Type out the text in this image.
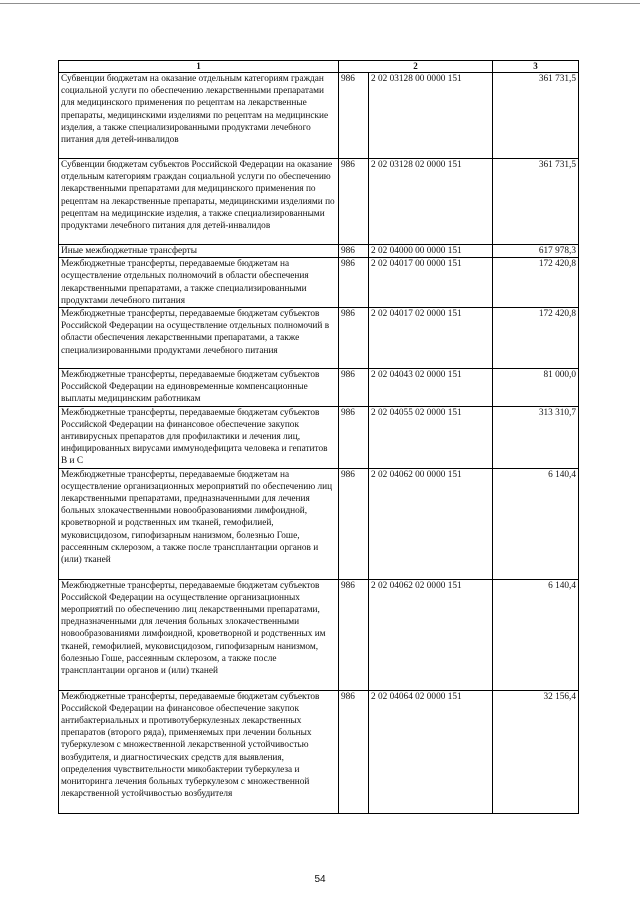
1	2		3
Субвенции бюджетам на оказание отдельным категориям граждан социальной услуги по обеспечению лекарственными препаратами для медицинского применения по рецептам на лекарственные препараты, медицинскими изделиями по рецептам на медицинские изделия, а также специализированными продуктами лечебного питания для детей-инвалидов	986	2 02 03128 00 0000 151	361 731,5
Субвенции бюджетам субъектов Российской Федерации на оказание отдельным категориям граждан социальной услуги по обеспечению лекарственными препаратами для медицинского применения по рецептам на лекарственные препараты, медицинскими изделиями по рецептам на медицинские изделия, а также специализированными продуктами лечебного питания для детей-инвалидов	986	2 02 03128 02 0000 151	361 731,5
Иные межбюджетные трансферты	986	2 02 04000 00 0000 151	617 978,3
Межбюджетные трансферты, передаваемые бюджетам на осуществление отдельных полномочий в области обеспечения лекарственными препаратами, а также специализированными продуктами лечебного питания	986	2 02 04017 00 0000 151	172 420,8
Межбюджетные трансферты, передаваемые бюджетам субъектов Российской Федерации на осуществление отдельных полномочий в области обеспечения лекарственными препаратами, а также специализированными продуктами лечебного питания	986	2 02 04017 02 0000 151	172 420,8
Межбюджетные трансферты, передаваемые бюджетам субъектов Российской Федерации на единовременные компенсационные выплаты медицинским работникам	986	2 02 04043 02 0000 151	81 000,0
Межбюджетные трансферты, передаваемые бюджетам субъектов Российской Федерации на финансовое обеспечение закупок антивирусных препаратов для профилактики и лечения лиц, инфицированных вирусами иммунодефицита человека и гепатитов В и С	986	2 02 04055 02 0000 151	313 310,7
Межбюджетные трансферты, передаваемые бюджетам на осуществление организационных мероприятий по обеспечению лиц лекарственными препаратами, предназначенными для лечения больных злокачественными новообразованиями лимфоидной, кроветворной и родственных им тканей, гемофилией, муковисцидозом, гипофизарным нанизмом, болезнью Гоше, рассеянным склерозом, а также после трансплантации органов и (или) тканей	986	2 02 04062 00 0000 151	6 140,4
Межбюджетные трансферты, передаваемые бюджетам субъектов Российской Федерации на осуществление организационных мероприятий по обеспечению лиц лекарственными препаратами, предназначенными для лечения больных злокачественными новообразованиями лимфоидной, кроветворной и родственных им тканей, гемофилией, муковисцидозом, гипофизарным нанизмом, болезнью Гоше, рассеянным склерозом, а также после трансплантации органов и (или) тканей	986	2 02 04062 02 0000 151	6 140,4
Межбюджетные трансферты, передаваемые бюджетам субъектов Российской Федерации на финансовое обеспечение закупок антибактериальных и противотуберкулезных лекарственных препаратов (второго ряда), применяемых при лечении больных туберкулезом с множественной лекарственной устойчивостью возбудителя, и диагностических средств для выявления, определения чувствительности микобактерии туберкулеза и мониторинга лечения больных туберкулезом с множественной лекарственной устойчивостью возбудителя	986	2 02 04064 02 0000 151	32 156,4
54
